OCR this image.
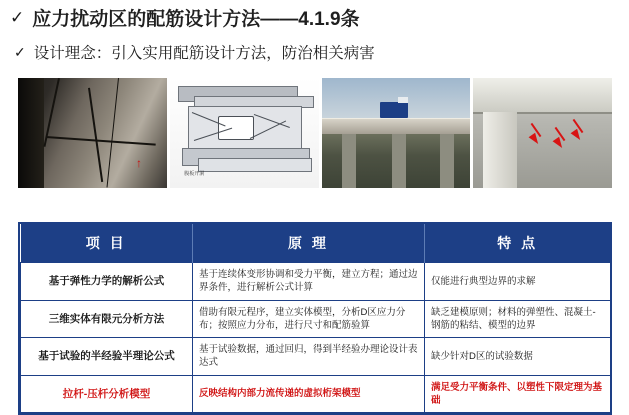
✓ 应力扰动区的配筋设计方法——4.1.9条
✓ 设计理念：引入实用配筋设计方法，防治相关病害
↑
腹板开洞
项 目	原 理	特 点
基于弹性力学的解析公式	基于连续体变形协调和受力平衡，建立方程；通过边界条件，进行解析公式计算	仅能进行典型边界的求解
三维实体有限元分析方法	借助有限元程序，建立实体模型，分析D区应力分布；按照应力分布，进行尺寸和配筋验算	缺乏建模原则；材料的弹塑性、混凝土-钢筋的粘结、模型的边界
基于试验的半经验半理论公式	基于试验数据，通过回归，得到半经验办理论设计表达式	缺少针对D区的试验数据
拉杆-压杆分析模型	反映结构内部力流传递的虚拟桁架模型	满足受力平衡条件、以塑性下限定理为基础
